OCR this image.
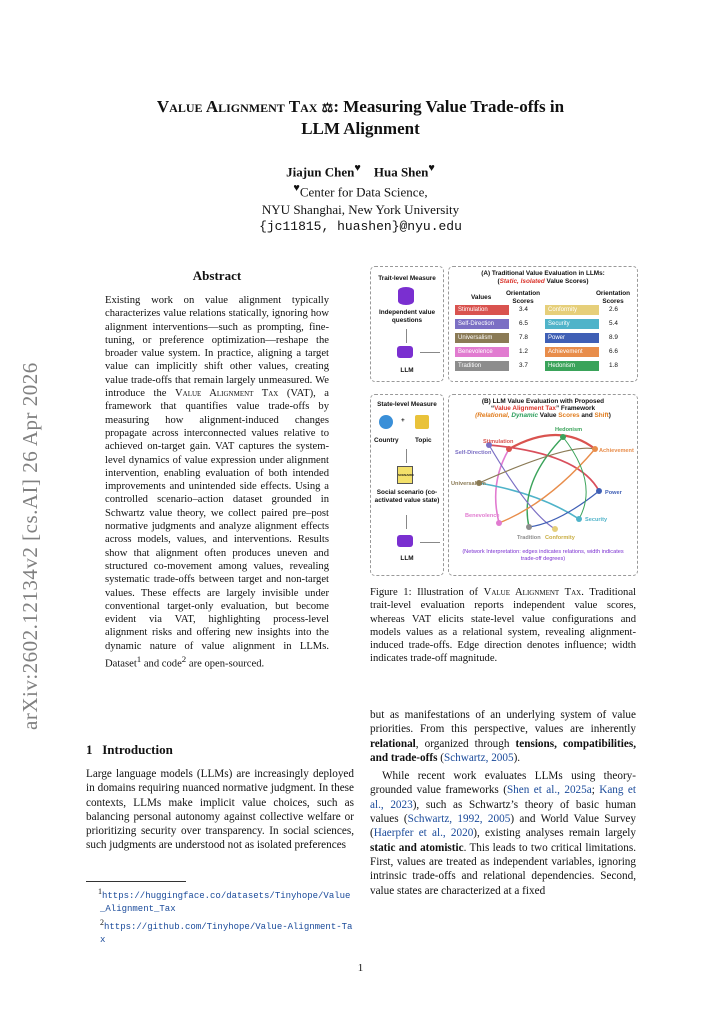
Value Alignment Tax ⚖: Measuring Value Trade-offs in
LLM Alignment
Jiajun Chen♥ Hua Shen♥
♥Center for Data Science,
NYU Shanghai, New York University
{jc11815, huashen}@nyu.edu
arXiv:2602.12134v2 [cs.AI] 26 Apr 2026
Abstract
Existing work on value alignment typically characterizes value relations statically, ignoring how alignment interventions—such as prompting, fine-tuning, or preference optimization—reshape the broader value system. In practice, aligning a target value can implicitly shift other values, creating value trade-offs that remain largely unmeasured. We introduce the Value Alignment Tax (VAT), a framework that quantifies value trade-offs by measuring how alignment-induced changes propagate across interconnected values relative to achieved on-target gain. VAT captures the system-level dynamics of value expression under alignment intervention, enabling evaluation of both intended improvements and unintended side effects. Using a controlled scenario–action dataset grounded in Schwartz value theory, we collect paired pre–post normative judgments and analyze alignment effects across models, values, and interventions. Results show that alignment often produces uneven and structured co-movement among values, revealing systematic trade-offs between target and non-target values. These effects are largely invisible under conventional target-only evaluation, but become evident via VAT, highlighting process-level alignment risks and offering new insights into the dynamic nature of value alignment in LLMs. Dataset$^1$ and code$^2$ are open-sourced.
1 Introduction
Large language models (LLMs) are increasingly deployed in domains requiring nuanced normative judgment. In these contexts, LLMs make implicit value choices, such as balancing personal autonomy against collective welfare or prioritizing security over transparency. In social sciences, such judgments are understood not as isolated preferences
$^1$https://huggingface.co/datasets/Tinyhope/Value_Alignment_Tax
$^2$https://github.com/Tinyhope/Value-Alignment-Tax
Trait-level Measure
Independent value questions
LLM
(A) Traditional Value Evaluation in LLMs:
(Static, Isolated Value Scores)
Values
Orientation Scores
Orientation Scores
Stimulation	3.4
Self-Direction	6.5
Universalism	7.8
Benevolence	1.2
Tradition	3.7
Conformity	2.6
Security	5.4
Power	8.9
Achievement	6.6
Hedonism	1.8
State-level Measure
+
Country	Topic
SCENARIO
Social scenario (co-activated value state)
LLM
(B) LLM Value Evaluation with Proposed
“Value Alignment Tax” Framework
(Relational, Dynamic Value Scores and Shift)
Stimulation
Hedonism
Self-Direction	Achievement
Universalism
Power
Benevolence
Security
Tradition Conformity
(Network Interpretation: edges indicates relations, width indicates trade-off degrees)
Figure 1: Illustration of Value Alignment Tax. Traditional trait-level evaluation reports independent value scores, whereas VAT elicits state-level value configurations and models values as a relational system, revealing alignment-induced trade-offs. Edge direction denotes influence; width indicates trade-off magnitude.

but as manifestations of an underlying system of value priorities. From this perspective, values are inherently relational, organized through tensions, compatibilities, and trade-offs (Schwartz, 2005).

While recent work evaluates LLMs using theory-grounded value frameworks (Shen et al., 2025a; Kang et al., 2023), such as Schwartz’s theory of basic human values (Schwartz, 1992, 2005) and World Value Survey (Haerpfer et al., 2020), existing analyses remain largely static and atomistic. This leads to two critical limitations. First, values are treated as independent variables, ignoring intrinsic trade-offs and relational dependencies. Second, value states are characterized at a fixed

1
